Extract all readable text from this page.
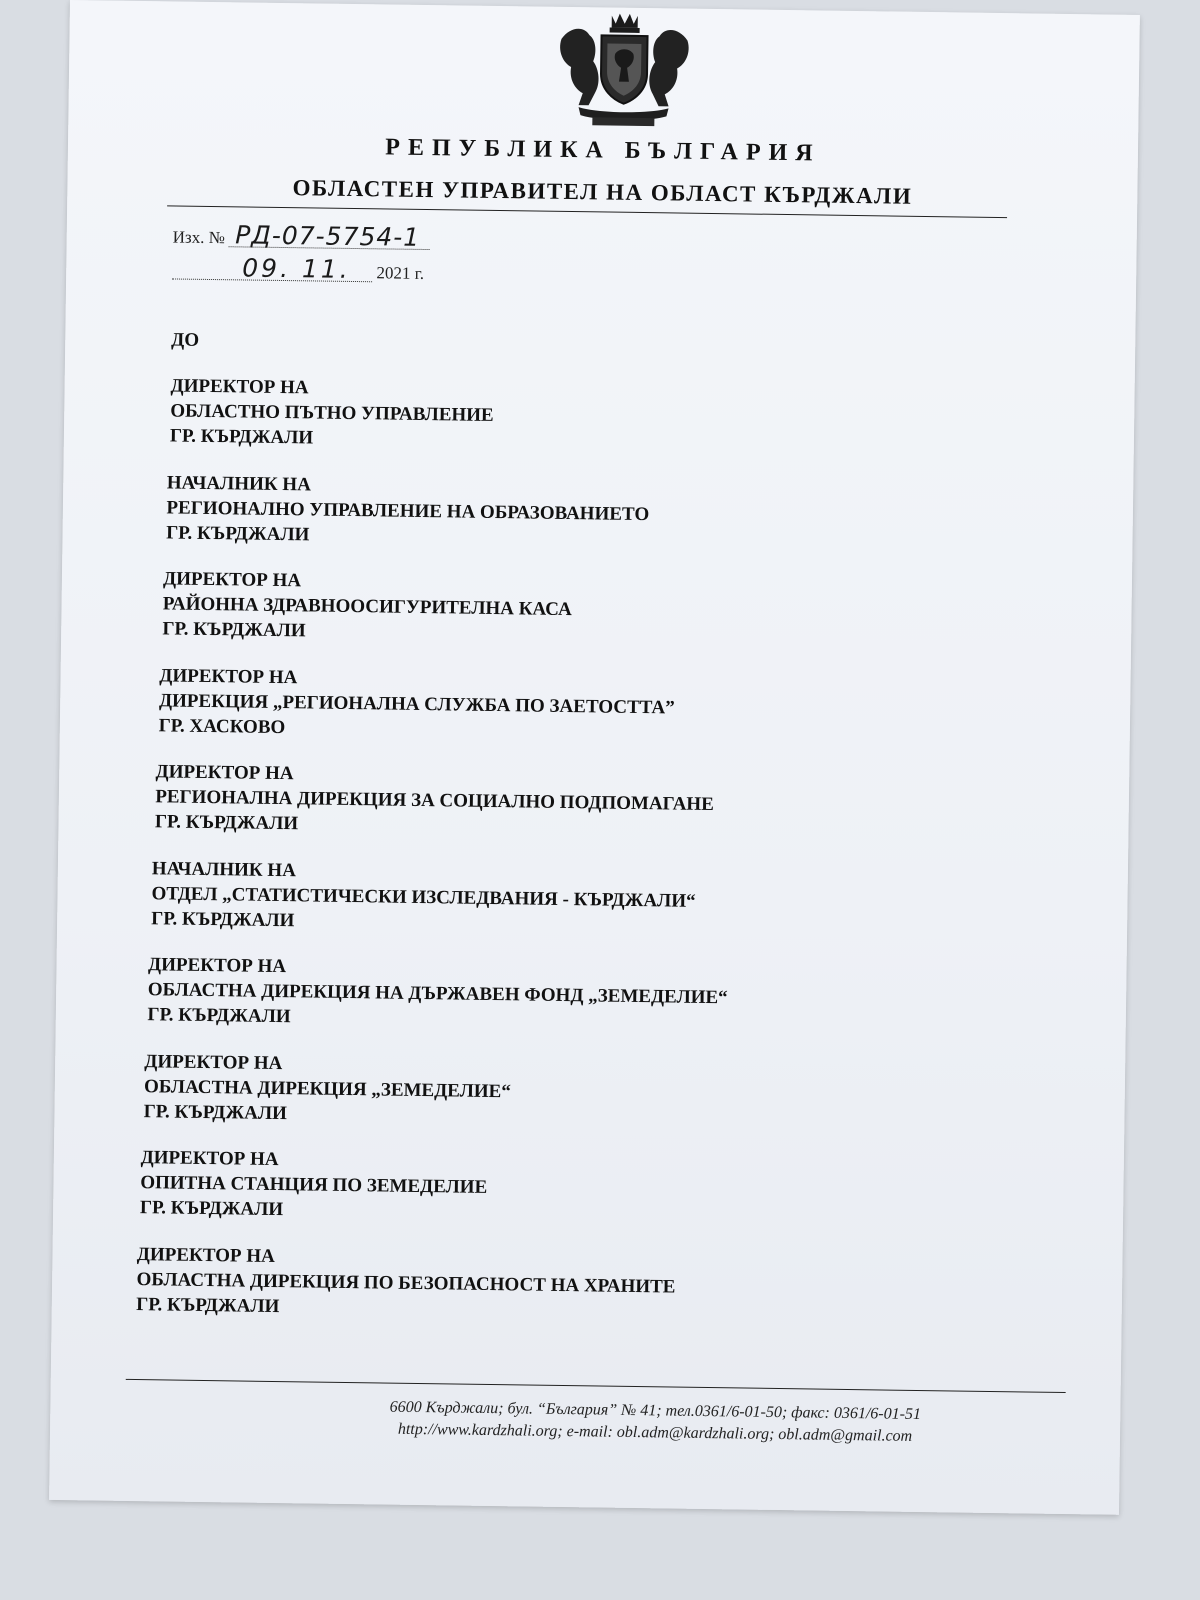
РЕПУБЛИКА БЪЛГАРИЯ
ОБЛАСТЕН УПРАВИТЕЛ НА ОБЛАСТ КЪРДЖАЛИ
Изх. № РД-07-5754-1
09. 11. 2021 г.
ДО
ДИРЕКТОР НА
ОБЛАСТНО ПЪТНО УПРАВЛЕНИЕ
ГР. КЪРДЖАЛИ
НАЧАЛНИК НА
РЕГИОНАЛНО УПРАВЛЕНИЕ НА ОБРАЗОВАНИЕТО
ГР. КЪРДЖАЛИ
ДИРЕКТОР НА
РАЙОННА ЗДРАВНООСИГУРИТЕЛНА КАСА
ГР. КЪРДЖАЛИ
ДИРЕКТОР НА
ДИРЕКЦИЯ „РЕГИОНАЛНА СЛУЖБА ПО ЗАЕТОСТТА”
ГР. ХАСКОВО
ДИРЕКТОР НА
РЕГИОНАЛНА ДИРЕКЦИЯ ЗА СОЦИАЛНО ПОДПОМАГАНЕ
ГР. КЪРДЖАЛИ
НАЧАЛНИК НА
ОТДЕЛ „СТАТИСТИЧЕСКИ ИЗСЛЕДВАНИЯ - КЪРДЖАЛИ“
ГР. КЪРДЖАЛИ
ДИРЕКТОР НА
ОБЛАСТНА ДИРЕКЦИЯ НА ДЪРЖАВЕН ФОНД „ЗЕМЕДЕЛИЕ“
ГР. КЪРДЖАЛИ
ДИРЕКТОР НА
ОБЛАСТНА ДИРЕКЦИЯ „ЗЕМЕДЕЛИЕ“
ГР. КЪРДЖАЛИ
ДИРЕКТОР НА
ОПИТНА СТАНЦИЯ ПО ЗЕМЕДЕЛИЕ
ГР. КЪРДЖАЛИ
ДИРЕКТОР НА
ОБЛАСТНА ДИРЕКЦИЯ ПО БЕЗОПАСНОСТ НА ХРАНИТЕ
ГР. КЪРДЖАЛИ
6600 Кърджали; бул. “България” № 41; тел.0361/6-01-50; факс: 0361/6-01-51
http://www.kardzhali.org; e-mail: obl.adm@kardzhali.org; obl.adm@gmail.com
